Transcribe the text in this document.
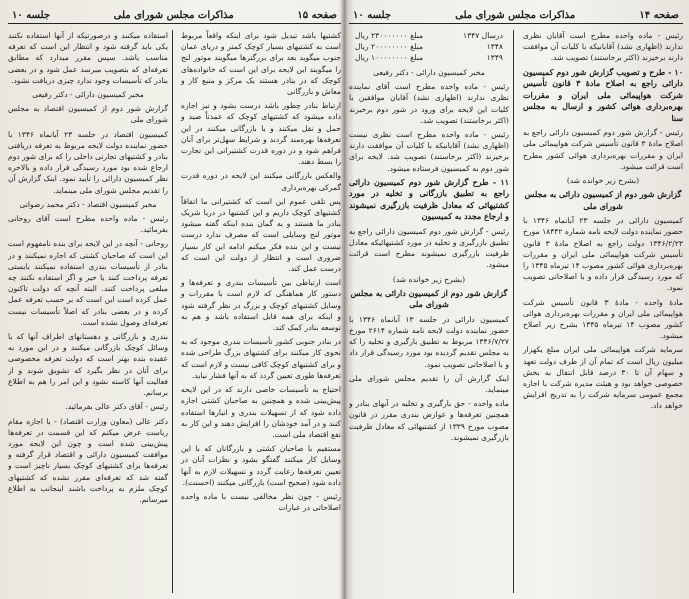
صفحه ۱۵
مذاکرات مجلس شورای ملی
جلسه ۱۰

کشتیها باشد تبدیل شود برای اینکه واقعاً مربوط است به کشتیهای بسیار کوچک کمتر و دریای عمان جنوب میگوید بعد برای بزرگترها میگویند موتور لنج را میگویند این لایحه برای این است که خانواده‌های کوچک که در بنادر هستند یک مرکز و منبع کار و معاش و بازرگانی

ارتباط بنادر چطور باشد درست بشود و نیز اجازه داده میشود که کشتیهای کوچک که عمدتاً صید و حمل و نقل میکنند و یا بازرگانی میکنند در این تعرفه‌ها بهره‌مند گردند و شرایط سهل‌تر برای آنان فراهم شود و در دوره قدرت کشتیرانی این تجارت را بسط دهند.

والعکس بازرگانی میکنند این لایحه در دوره قدرت گمرکی بهره‌برداری

پس تلقی عموم این است که کشتیرانی ما اتفاقاً کشتیهای کوچک داریم و این کشتیها در دریا شریک بنادر ما هستند و به گمان بنده اینکه گفته میشود موتور لنج وسایلی است که مصرف ندارد درست نیست و این بنده فکر میکنم ادامه این کار بسیار ضروری است و انتظار از دولت این است که درست عمل کند.

است ارتباطی بین تأسیسات بندری و تعرفه‌ها و دستور کار هماهنگی که لازم است با مقررات و وسایل کشتیهای کوچک و بزرگ در نظر گرفته شود و اینکه برای همه قابل استفاده باشد و هم به توسعه بنادر کمک کند.

در بنادر جنوبی کشور تأسیسات بندری موجود که به نحوی کار میکنند برای کشتیهای بزرگ طراحی شده و برای کشتیهای کوچک کافی نیست و لازم است که تعرفه‌ها طوری تعیین گردد که به آنها فشار نیاید.

احتیاج به تأسیسات خاصی دارند که در این لایحه پیش‌بینی شده و همچنین به صاحبان کشتی اجازه داده شود که از تسهیلات بندری و انبارها استفاده کنند و در آمد خودشان را افزایش دهند و این کار به نفع اقتصاد ملی است.

مستقیم با صاحبان کشتی و بازرگانان که با این وسایل کار میکنند گفتگو بشود و نظرات آنان در تعیین تعرفه‌ها رعایت گردد و تسهیلات لازم به آنها داده شود (صحیح است) بازرگانی میکنند (احسنت).

رئیس - چون نظر مخالفی نیست با ماده واحده اصلاحاتی در عبارات

استفاده میکنند و درصورتیکه از آنها استفاده نکنند یکی باید گرفته شود و انتظار این است که تعرفه مناسب باشد. سپس مقرر میدارد که مطابق تعرفه‌ای که بتصویب میرسد عمل شود و در بعضی بنادر که تأسیسات وجود ندارد چیزی دریافت نشود.

مخبر کمیسیون دارائی - دکتر رفیعی

گزارش شور دوم از کمیسیون اقتصاد به مجلس شورای ملی

کمیسیون اقتصاد در جلسه ۲۳ آبانماه ۱۳۴۶ با حضور نماینده دولت لایحه مربوط به تعرفه دریافتی بنادر و کشتیهای تجارتی داخلی را که برای شور دوم ارجاع شده بود مورد رسیدگی قرار داده و بالاخره نظر کمیسیون دارائی را تأیید نمود. اینک گزارش آن را تقدیم مجلس شورای ملی مینماید.

مخبر کمیسیون اقتصاد - دکتر محمد رضوانی

رئیس - ماده واحده مطرح است آقای روحانی بفرمائید.

روحانی - آنچه در این لایحه برای بنده نامفهوم است این است که صاحبان کشتی که اجاره نمیکنند و در بنادر از تأسیسات بندری استفاده نمیکنند بایستی تعرفه پرداخت کنند یا خیر و اگر استفاده نکنند چه مبلغی پرداخت کنند. البته آنچه که دولت تاکنون عمل کرده است این است که بر حسب تعرفه عمل کرده و در بعضی بنادر که اصلاً تأسیسات نیست تعرفه‌ای وصول نشده است.

بندری و بازرگانی و دهستانهای اطراف آنها که با وسائل کوچک بازرگانی میکنند و در این مورد به عقیده بنده بهتر است که دولت تعرفه مخصوصی برای آنان در نظر بگیرد که تشویق شوند و از فعالیت آنها کاسته نشود و این امر را هم به اطلاع برسانم.

رئیس - آقای دکتر عالی بفرمائید.

دکتر عالی (معاون وزارت اقتصاد) - با اجازه مقام ریاست عرض میکنم که این قسمت در تعرفه‌ها پیش‌بینی شده است و چون این لایحه مورد موافقت کمیسیون دارائی و اقتصاد قرار گرفته و تعرفه‌ها برای کشتیهای کوچک بسیار ناچیز است و گفته شد که تعرفه‌ای مقرر نشده که کشتیهای کوچک ملزم به پرداخت باشند اینجانب به اطلاع میرسانم.

صفحه ۱۴
مذاکرات مجلس شورای ملی
جلسه ۱۰

رئیس - ماده واحده مطرح است آقایان نظری ندارند (اظهاری نشد) آقایانیکه با کلیات آن موافقت دارند برخیزند (اکثر برخاستند) تصویب شد.

۱۰ - طرح و تصویب گزارش شور دوم کمیسیون دارائی راجع به اصلاح مادهٔ ۳ قانون تأسیس شرکت هواپیمائی ملی ایران و مقررات بهره‌برداری هوائی کشور و ارسال به مجلس سنا

رئیس - گزارش شور دوم کمیسیون دارائی راجع به اصلاح مادهٔ ۳ قانون تأسیس شرکت هواپیمائی ملی ایران و مقررات بهره‌برداری هوائی کشور مطرح است قرائت میشود.

(بشرح زیر خوانده شد)

گزارش شور دوم از کمیسیون دارائی به مجلس شورای ملی

کمیسیون دارائی در جلسه ۲۳ آبانماه ۱۳۴۶ با حضور نماینده دولت لایحه نامه شماره ۱۸۴۴۲ مورخ ۱۳۴۶/۲/۲۳ دولت راجع به اصلاح مادهٔ ۳ قانون تأسیس شرکت هواپیمائی ملی ایران و مقررات بهره‌برداری هوائی کشور مصوب ۱۴ تیرماه ۱۳۴۵ را که مورد رسیدگی قرار داده و با اصلاحاتی تصویب نمود.

مادهٔ واحده - مادهٔ ۳ قانون تأسیس شرکت هواپیمائی ملی ایران و مقررات بهره‌برداری هوائی کشور مصوب ۱۴ تیرماه ۱۳۴۵ بشرح زیر اصلاح میشود.

سرمایه شرکت هواپیمائی ملی ایران مبلغ یکهزار میلیون ریال است که تمام آن از طرف دولت تعهد و سهام آن تا ۳۰ درصد قابل انتقال به بخش خصوصی خواهد بود و هیئت مدیره شرکت با اجازه مجمع عمومی سرمایه شرکت را به تدریج افزایش خواهد داد.

درسال ۱۳۴۷
مبلغ ۲۳۰۰۰۰۰۰۰ ریال
۱۳۴۸
مبلغ ۲۰۰۰۰۰۰۰۰ ریال
۱۳۴۹
مبلغ ۱۰۰۰۰۰۰۰۰ ریال

مخبر کمیسیون دارائی - دکتر رفیعی

رئیس - ماده واحده مطرح است آقای نماینده نظری ندارند (اظهاری نشد) آقایان موافقین با کلیات این لایحه برای ورود در شور دوم برخیزند (اکثر برخاستند) تصویب شد.

رئیس - ماده واحده مطرح است نظری نیست (اظهاری نشد) آقایانیکه با کلیات آن موافقت دارند برخیزند (اکثر برخاستند) تصویب شد. لایحه برای شور دوم به کمیسیون فرستاده میشود.

۱۱ - طرح گزارش شور دوم کمیسیون دارائی راجع به تطبیق بازرگانی و تخلیه در مورد کشتیهائی که معادل ظرفیت بازرگیری نمیشوند و ارجاع مجدد به کمیسیون

رئیس - گزارش شور دوم کمیسیون دارائی راجع به تطبیق بازرگیری و تخلیه در مورد کشتیهائیکه معادل ظرفیت بازرگیری نمیشوند مطرح است قرائت میشود.

(بشرح زیر خوانده شد)

گزارش شور دوم از کمیسیون دارائی به مجلس شورای ملی

کمیسیون دارائی در جلسه ۱۳ آبانماه ۱۳۴۶ با حضور نماینده دولت لایحه نامه شماره ۲۶۱۴ مورخ ۱۳۴۶/۷/۲۷ مربوط به تطبیق بارگیری و تخلیه را که به مجلس تقدیم گردیده بود مورد رسیدگی قرار داد و با اصلاحاتی تصویب نمود.

اینک گزارش آن را تقدیم مجلس شورای ملی مینماید.

ماده واحده - حق بارگیری و تخلیه در آبهای بنادر و همچنین تعرفه‌ها و عوارض بندری مقرر در قانون مصوب مورخ ۱۳۳۹ از کشتیهائی که معادل ظرفیت بازرگیری نمیشوند.
